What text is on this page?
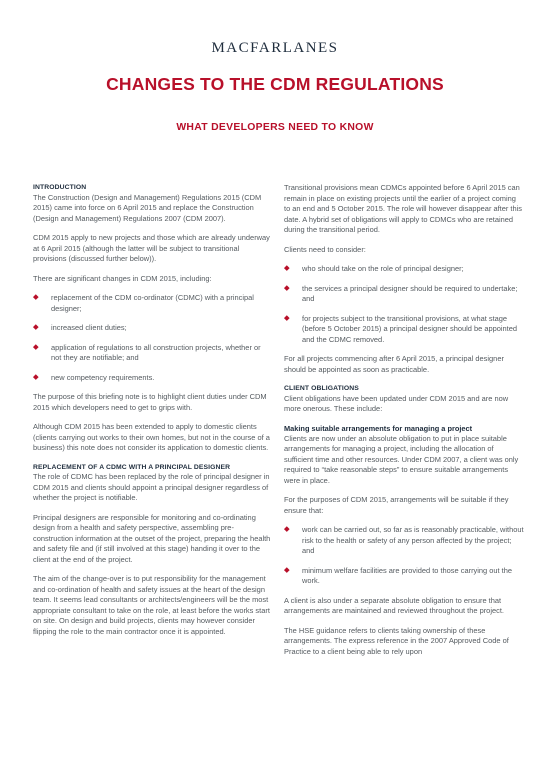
MACFARLANES
CHANGES TO THE CDM REGULATIONS
WHAT DEVELOPERS NEED TO KNOW
INTRODUCTION

The Construction (Design and Management) Regulations 2015 (CDM 2015) came into force on 6 April 2015 and replace the Construction (Design and Management) Regulations 2007 (CDM 2007).

CDM 2015 apply to new projects and those which are already underway at 6 April 2015 (although the latter will be subject to transitional provisions (discussed further below)).

There are significant changes in CDM 2015, including:

replacement of the CDM co-ordinator (CDMC) with a principal designer;
increased client duties;
application of regulations to all construction projects, whether or not they are notifiable; and
new competency requirements.

The purpose of this briefing note is to highlight client duties under CDM 2015 which developers need to get to grips with.

Although CDM 2015 has been extended to apply to domestic clients (clients carrying out works to their own homes, but not in the course of a business) this note does not consider its application to domestic clients.

REPLACEMENT OF A CDMC WITH A PRINCIPAL DESIGNER

The role of CDMC has been replaced by the role of principal designer in CDM 2015 and clients should appoint a principal designer regardless of whether the project is notifiable.

Principal designers are responsible for monitoring and co-ordinating design from a health and safety perspective, assembling pre-construction information at the outset of the project, preparing the health and safety file and (if still involved at this stage) handing it over to the client at the end of the project.

The aim of the change-over is to put responsibility for the management and co-ordination of health and safety issues at the heart of the design team. It seems lead consultants or architects/engineers will be the most appropriate consultant to take on the role, at least before the works start on site. On design and build projects, clients may however consider flipping the role to the main contractor once it is appointed.

Transitional provisions mean CDMCs appointed before 6 April 2015 can remain in place on existing projects until the earlier of a project coming to an end and 5 October 2015. The role will however disappear after this date. A hybrid set of obligations will apply to CDMCs who are retained during the transitional period.

Clients need to consider:

who should take on the role of principal designer;
the services a principal designer should be required to undertake; and
for projects subject to the transitional provisions, at what stage (before 5 October 2015) a principal designer should be appointed and the CDMC removed.

For all projects commencing after 6 April 2015, a principal designer should be appointed as soon as practicable.

CLIENT OBLIGATIONS

Client obligations have been updated under CDM 2015 and are now more onerous. These include:

Making suitable arrangements for managing a project

Clients are now under an absolute obligation to put in place suitable arrangements for managing a project, including the allocation of sufficient time and other resources. Under CDM 2007, a client was only required to “take reasonable steps” to ensure suitable arrangements were in place.

For the purposes of CDM 2015, arrangements will be suitable if they ensure that:

work can be carried out, so far as is reasonably practicable, without risk to the health or safety of any person affected by the project; and
minimum welfare facilities are provided to those carrying out the work.

A client is also under a separate absolute obligation to ensure that arrangements are maintained and reviewed throughout the project.

The HSE guidance refers to clients taking ownership of these arrangements. The express reference in the 2007 Approved Code of Practice to a client being able to rely upon
